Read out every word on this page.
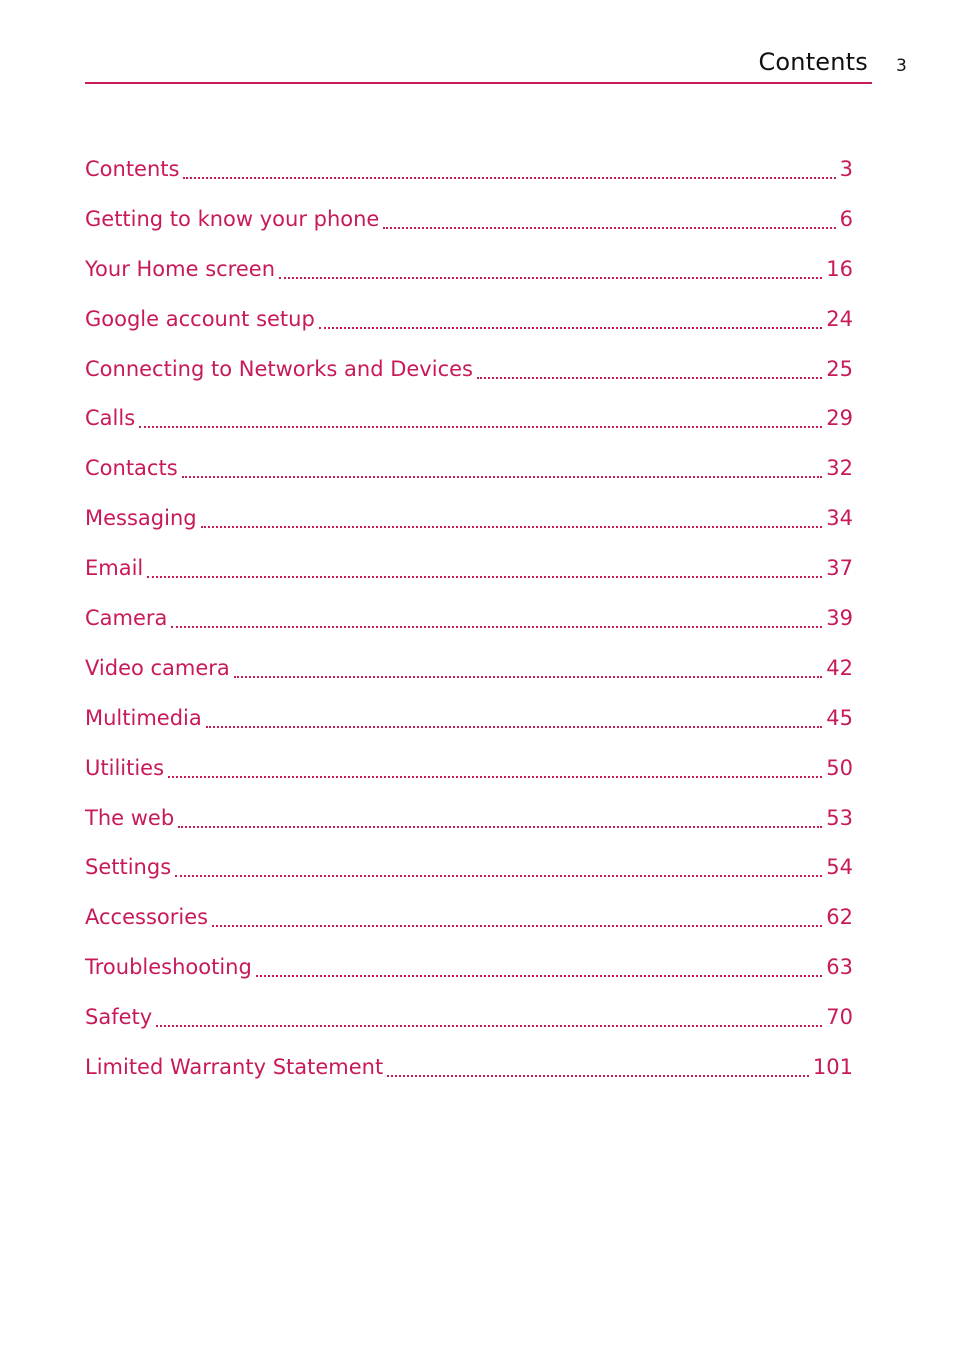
Contents 3
Contents	3
Getting to know your phone	6
Your Home screen	16
Google account setup	24
Connecting to Networks and Devices	25
Calls	29
Contacts	32
Messaging	34
Email	37
Camera	39
Video camera	42
Multimedia	45
Utilities	50
The web	53
Settings	54
Accessories	62
Troubleshooting	63
Safety	70
Limited Warranty Statement	101
